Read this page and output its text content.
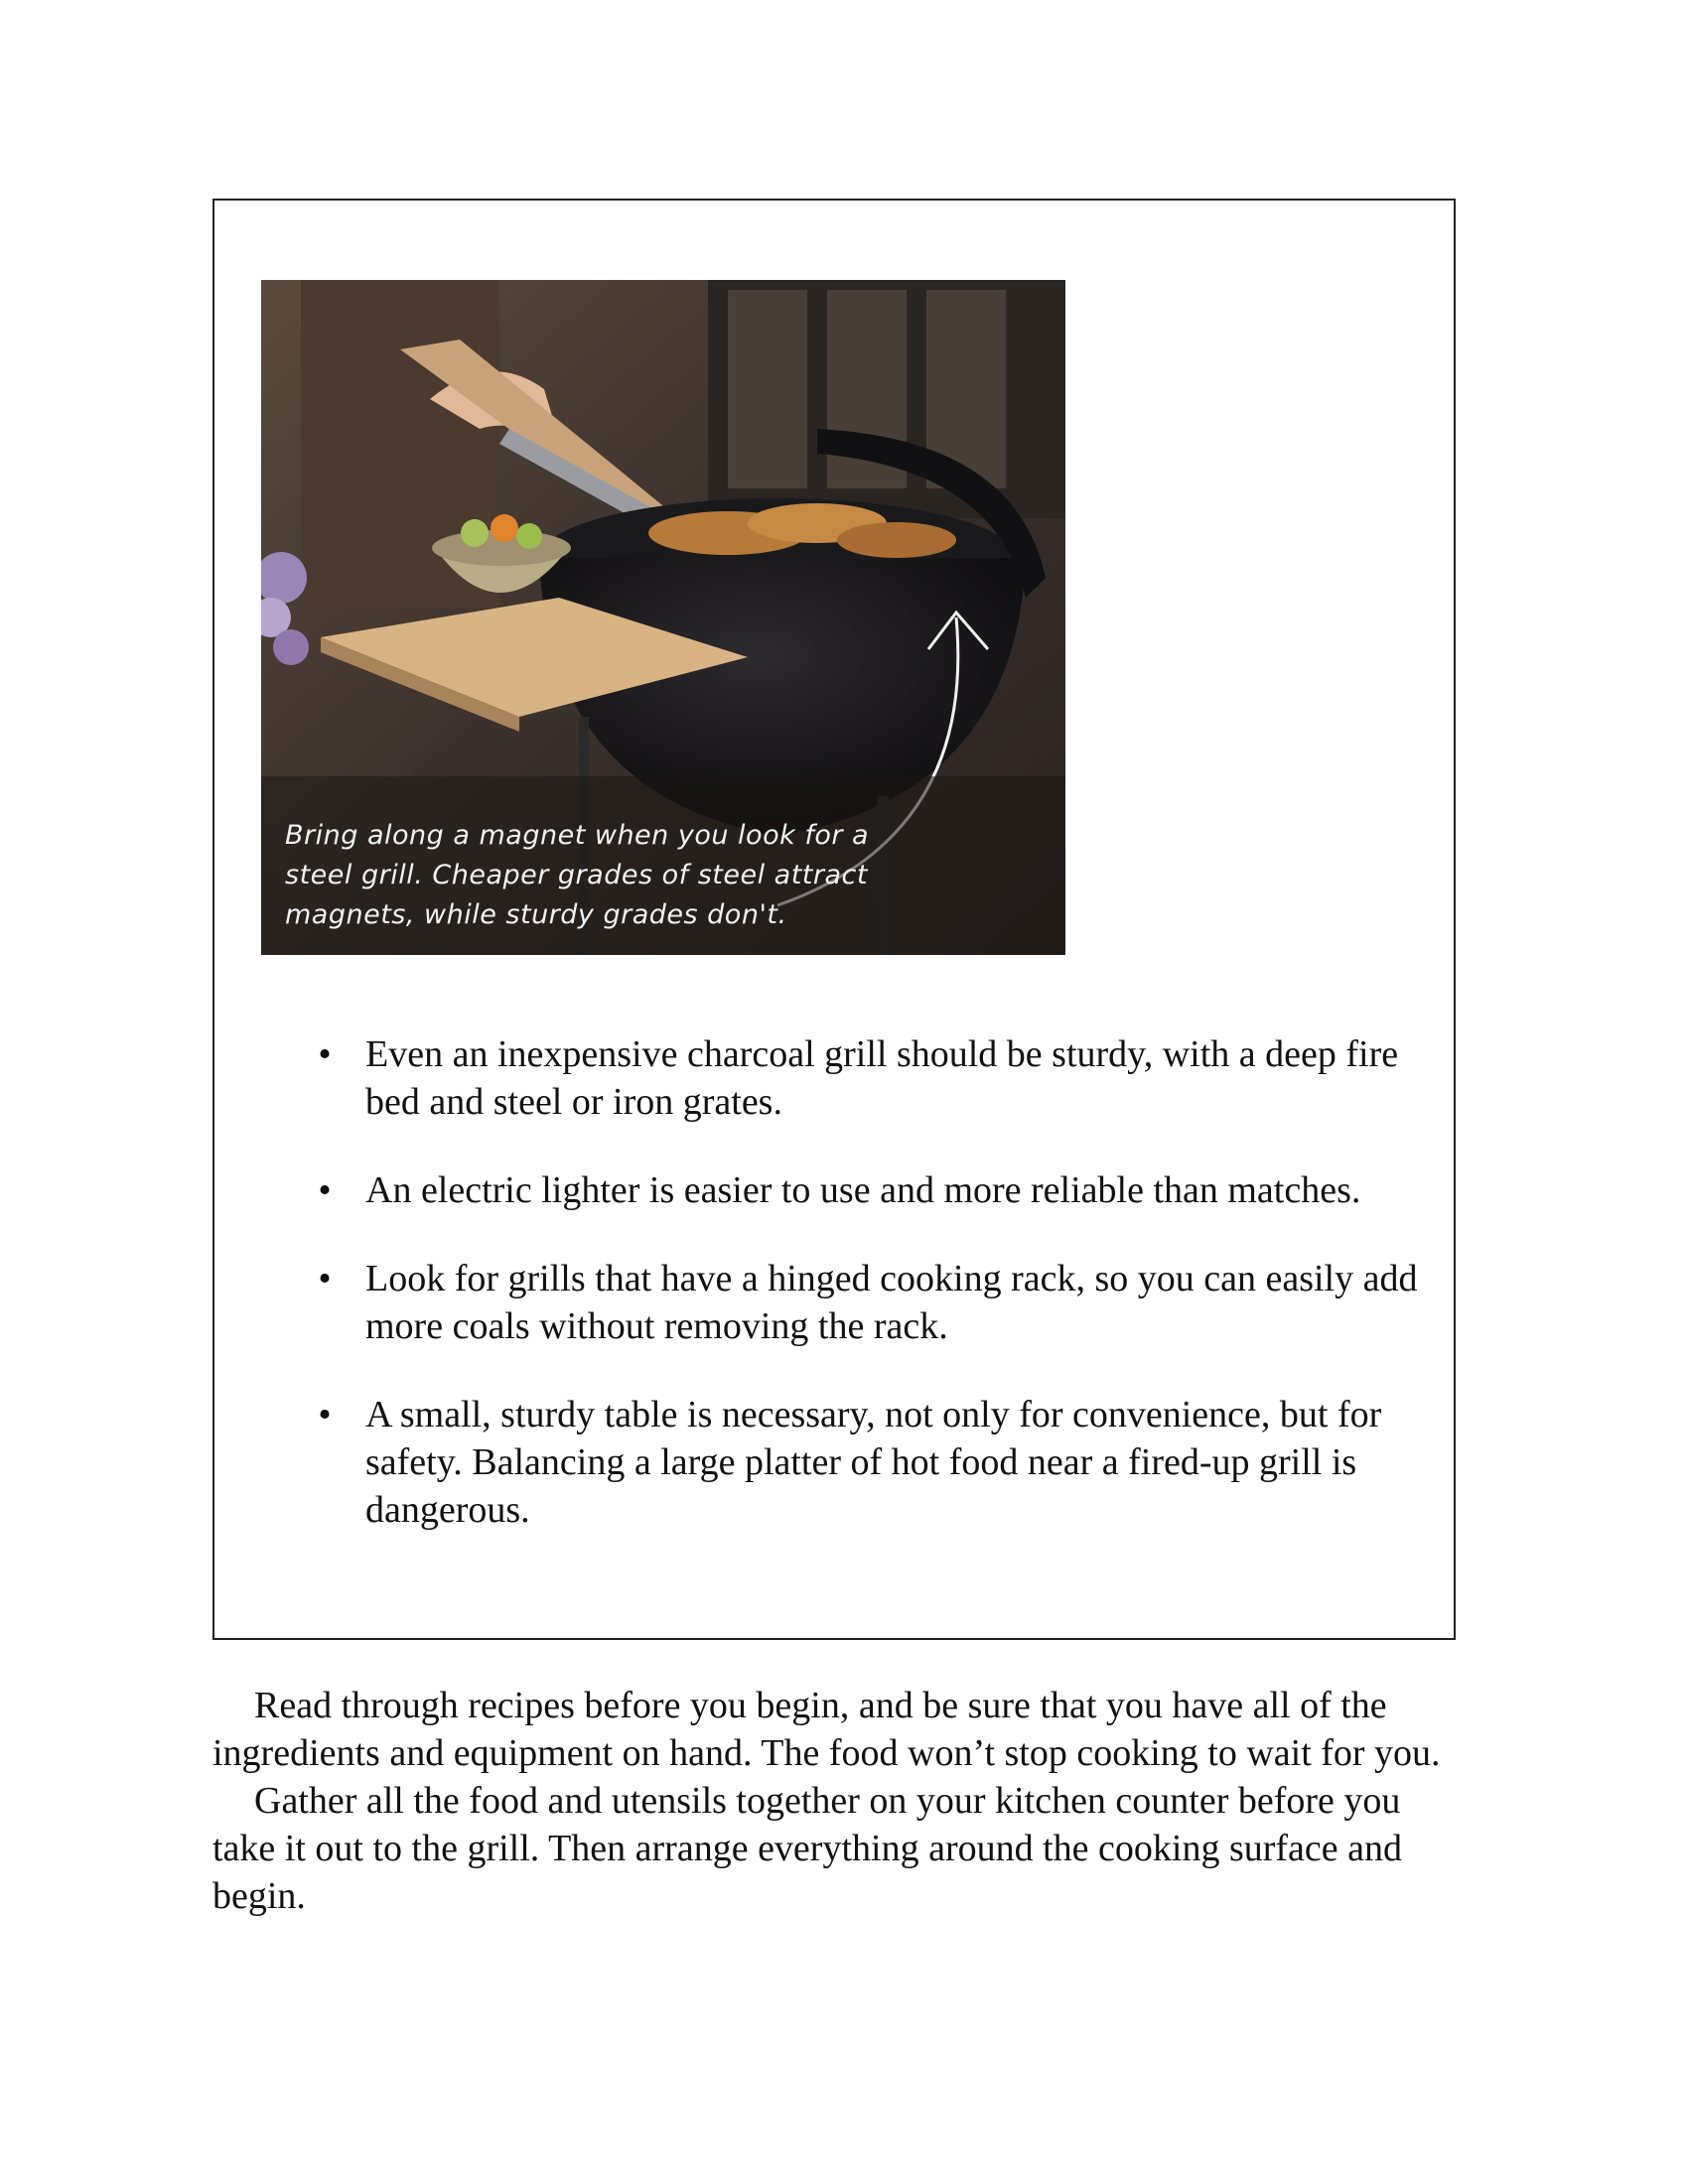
Bring along a magnet when you look for a
steel grill. Cheaper grades of steel attract
magnets, while sturdy grades don't.
• Even an inexpensive charcoal grill should be sturdy, with a deep fire bed and steel or iron grates.
• An electric lighter is easier to use and more reliable than matches.
• Look for grills that have a hinged cooking rack, so you can easily add more coals without removing the rack.
• A small, sturdy table is necessary, not only for convenience, but for safety. Balancing a large platter of hot food near a fired-up grill is dangerous.

Read through recipes before you begin, and be sure that you have all of the ingredients and equipment on hand. The food won’t stop cooking to wait for you.

Gather all the food and utensils together on your kitchen counter before you take it out to the grill. Then arrange everything around the cooking surface and begin.
